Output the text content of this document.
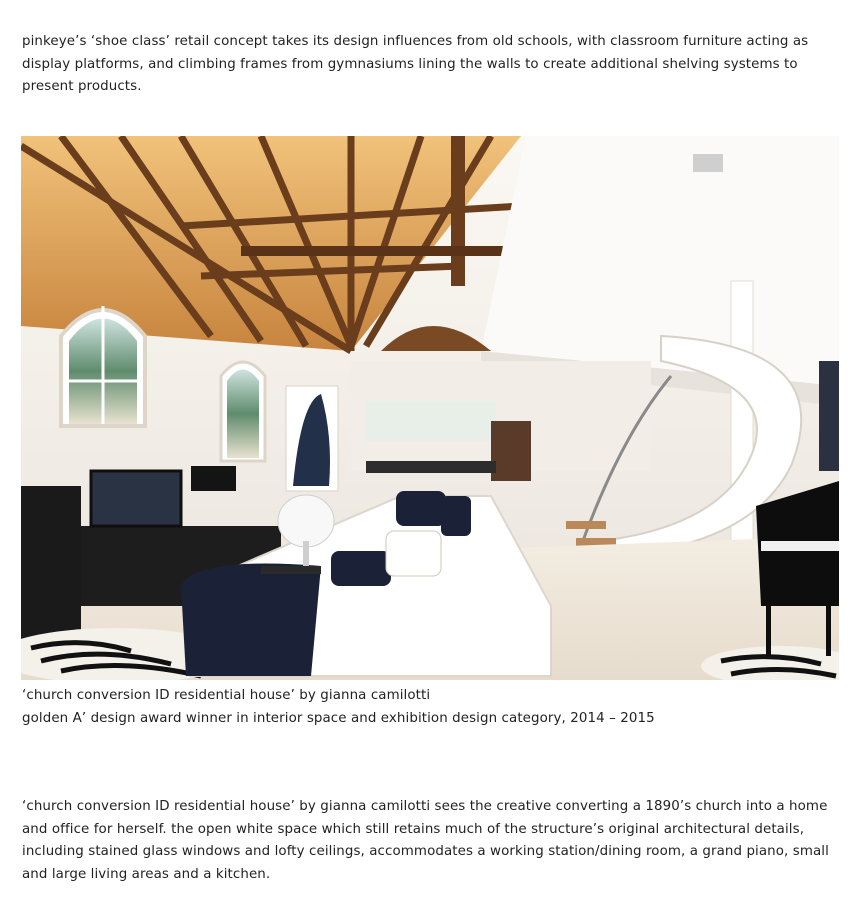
pinkeye’s ‘shoe class’ retail concept takes its design influences from old schools, with classroom furniture acting as display platforms, and climbing frames from gymnasiums lining the walls to create additional shelving systems to present products.

‘church conversion ID residential house’ by gianna camilotti
golden A’ design award winner in interior space and exhibition design category, 2014 – 2015

‘church conversion ID residential house’ by gianna camilotti sees the creative converting a 1890’s church into a home and office for herself. the open white space which still retains much of the structure’s original architectural details, including stained glass windows and lofty ceilings, accommodates a working station/dining room, a grand piano, small and large living areas and a kitchen.
